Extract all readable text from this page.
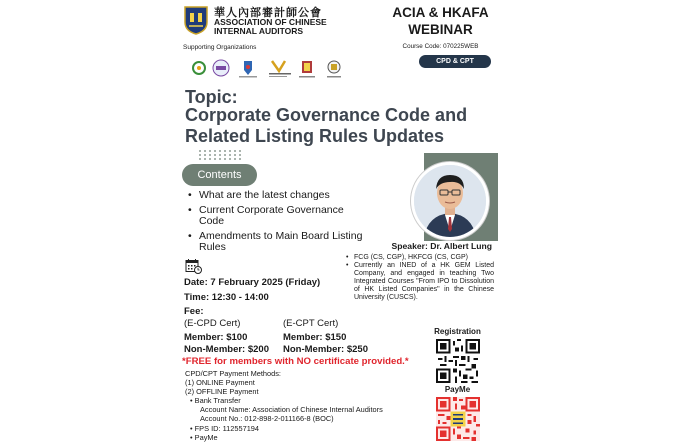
華人內部審計師公會
ASSOCIATION OF CHINESE INTERNAL AUDITORS
Supporting Organizations
ACIA & HKAFA WEBINAR
Course Code: 070225WEB
CPD & CPT
Topic:
Corporate Governance Code and Related Listing Rules Updates
Contents
• What are the latest changes
• Current Corporate Governance Code
• Amendments to Main Board Listing Rules	Speaker: Dr. Albert Lung
• FCG (CS, CGP), HKFCG (CS, CGP)
• Currently an INED of a HK GEM Listed Company, and engaged in teaching Two Integrated Courses "From IPO to Dissolution of HK Listed Companies" in the Chinese University (CUSCS).
Date: 7 February 2025 (Friday)
Time: 12:30 - 14:00
Fee:
(E-CPD Cert)	(E-CPT Cert)
Member: $100	Member: $150
Non-Member: $200 Non-Member: $250
*FREE for members with NO certificate provided.*
CPD/CPT Payment Methods:
(1) ONLINE Payment
(2) OFFLINE Payment
• Bank Transfer
Account Name: Association of Chinese Internal Auditors
Account No.: 012-898-2-011166-8 (BOC)
• FPS ID: 112557194
• PayMe
Registration
PayMe
